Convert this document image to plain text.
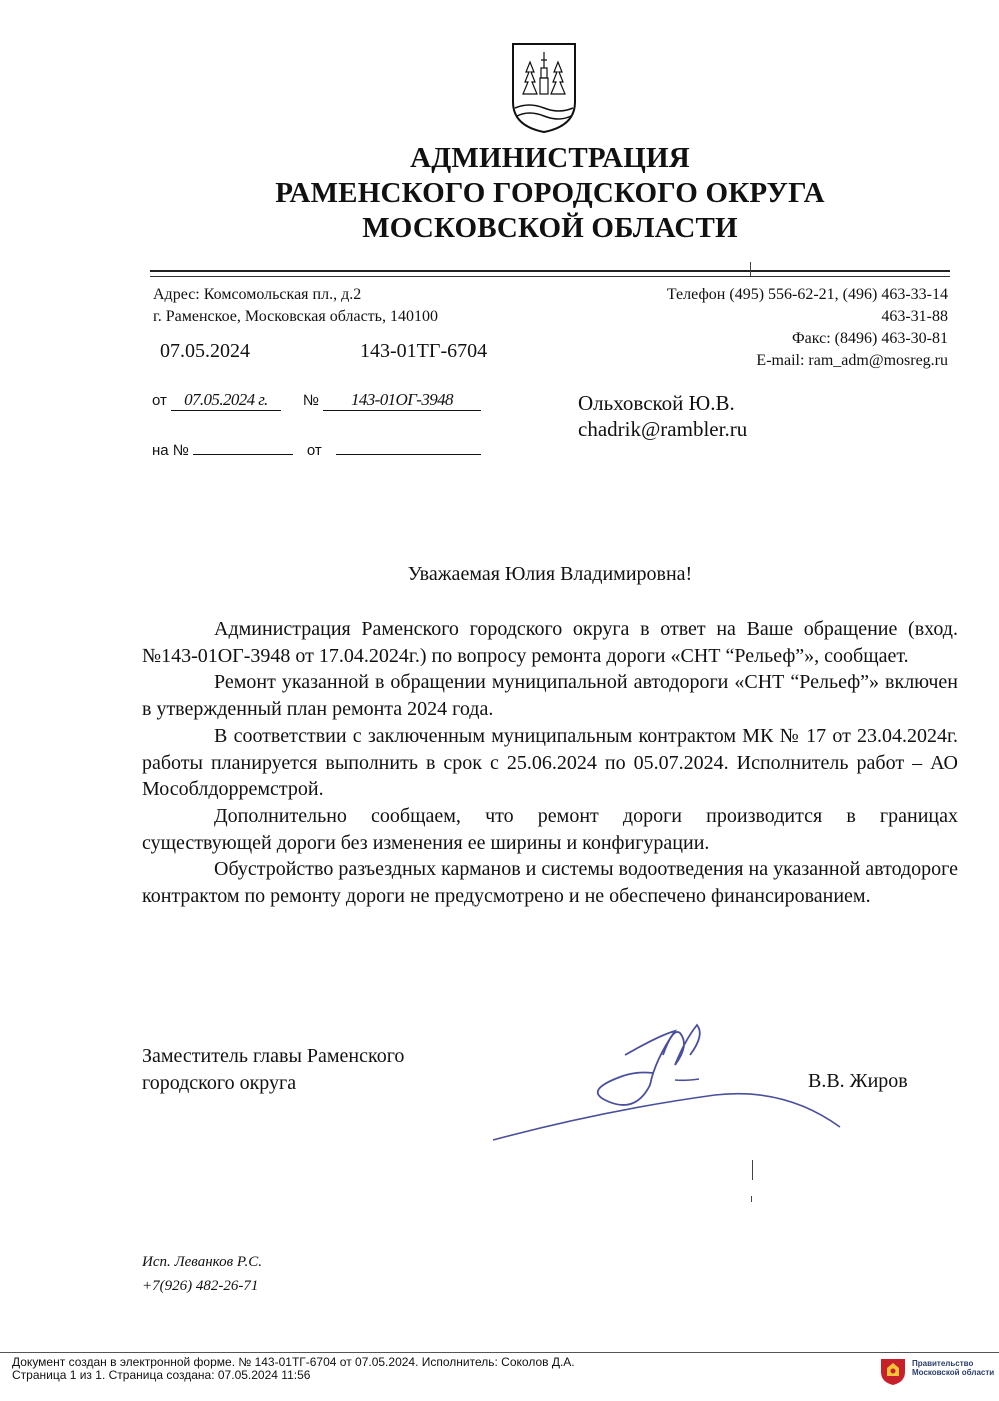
АДМИНИСТРАЦИЯ
РАМЕНСКОГО ГОРОДСКОГО ОКРУГА
МОСКОВСКОЙ ОБЛАСТИ
Адрес: Комсомольская пл., д.2
г. Раменское, Московская область, 140100
Телефон (495) 556-62-21, (496) 463-33-14
463-31-88
Факс: (8496) 463-30-81
E-mail: ram_adm@mosreg.ru
07.05.2024	143-01ТГ-6704
от 07.05.2024 г. № 143-01ОГ-3948
на №	от
Ольховской Ю.В.
chadrik@rambler.ru
Уважаемая Юлия Владимировна!

Администрация Раменского городского округа в ответ на Ваше обращение (вход. №143-01ОГ-3948 от 17.04.2024г.) по вопросу ремонта дороги «СНТ “Рельеф”», сообщает.

Ремонт указанной в обращении муниципальной автодороги «СНТ “Рельеф”» включен в утвержденный план ремонта 2024 года.

В соответствии с заключенным муниципальным контрактом МК № 17 от 23.04.2024г. работы планируется выполнить в срок с 25.06.2024 по 05.07.2024. Исполнитель работ – АО Мособлдорремстрой.

Дополнительно сообщаем, что ремонт дороги производится в границах существующей дороги без изменения ее ширины и конфигурации.

Обустройство разъездных карманов и системы водоотведения на указанной автодороге контрактом по ремонту дороги не предусмотрено и не обеспечено финансированием.

Заместитель главы Раменского
городского округа	В.В. Жиров
Исп. Леванков Р.С.
+7(926) 482-26-71
Документ создан в электронной форме. № 143-01ТГ-6704 от 07.05.2024. Исполнитель: Соколов Д.А.
Страница 1 из 1. Страница создана: 07.05.2024 11:56
Правительство
Московской области
